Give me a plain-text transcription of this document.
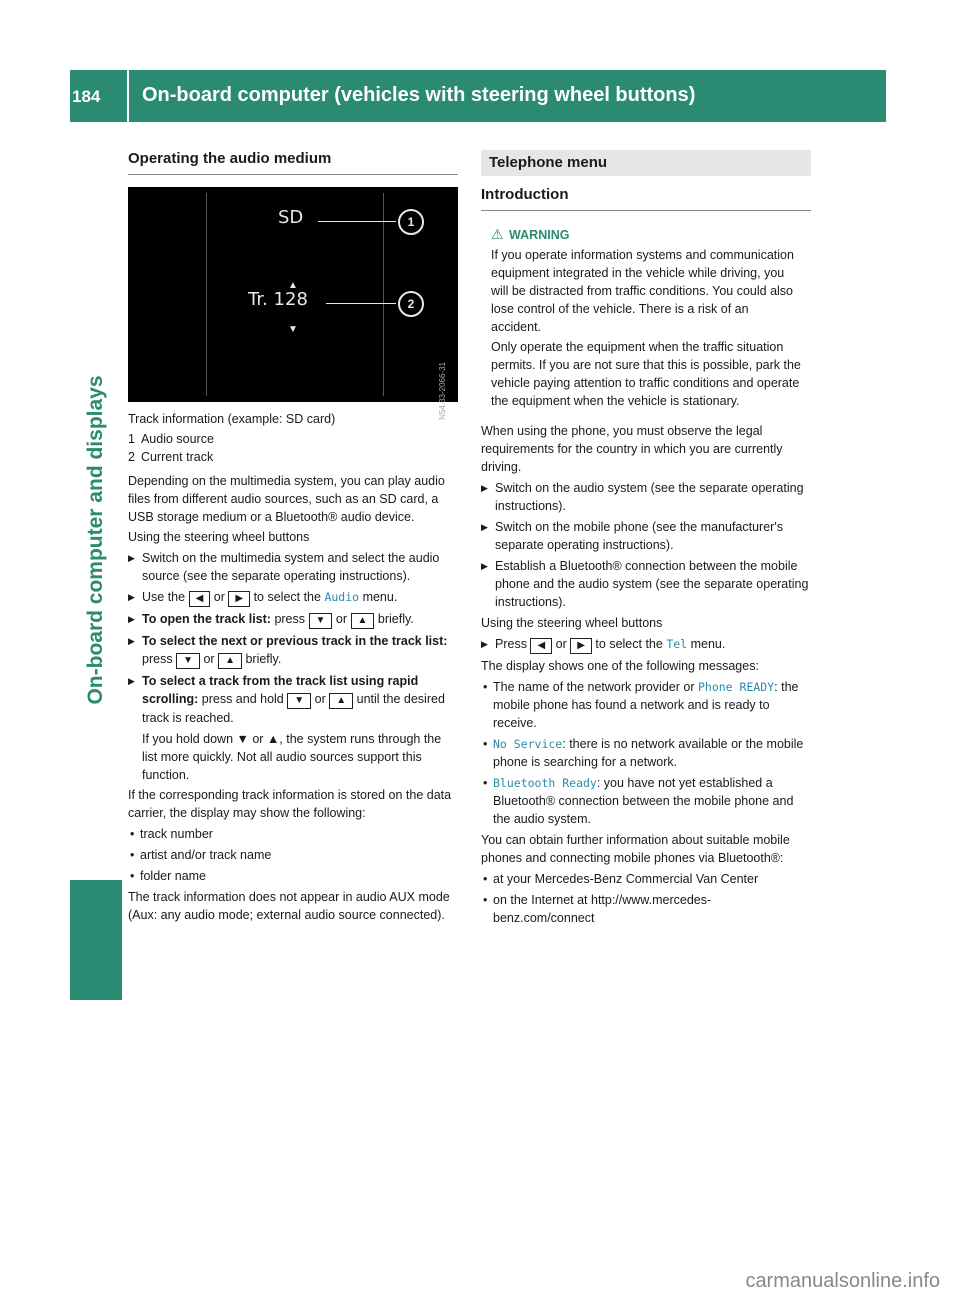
184	On-board computer (vehicles with steering wheel buttons)
On-board computer and displays
Operating the audio medium
SD	1
▲
Tr. 128	2
▼
N54.33-2066-31

Track information (example: SD card)

1 Audio source
2 Current track

Depending on the multimedia system, you can play audio files from different audio sources, such as an SD card, a USB storage medium or a Bluetooth® audio device.

Using the steering wheel buttons

▶ Switch on the multimedia system and select the audio source (see the separate operating instructions).
▶ Use the ◀ or ▶ to select the Audio menu.
▶ To open the track list: press ▼ or ▲ briefly.
▶ To select the next or previous track in the track list: press ▼ or ▲ briefly.
▶ To select a track from the track list using rapid scrolling: press and hold ▼ or ▲ until the desired track is reached.

If you hold down ▼ or ▲, the system runs through the list more quickly. Not all audio sources support this function.

If the corresponding track information is stored on the data carrier, the display may show the following:

• track number
• artist and/or track name
• folder name

The track information does not appear in audio AUX mode (Aux: any audio mode; external audio source connected).

Telephone menu
Introduction
⚠ WARNING

If you operate information systems and communication equipment integrated in the vehicle while driving, you will be distracted from traffic conditions. You could also lose control of the vehicle. There is a risk of an accident.

Only operate the equipment when the traffic situation permits. If you are not sure that this is possible, park the vehicle paying attention to traffic conditions and operate the equipment when the vehicle is stationary.

When using the phone, you must observe the legal requirements for the country in which you are currently driving.

▶ Switch on the audio system (see the separate operating instructions).
▶ Switch on the mobile phone (see the manufacturer's separate operating instructions).
▶ Establish a Bluetooth® connection between the mobile phone and the audio system (see the separate operating instructions).

Using the steering wheel buttons

▶ Press ◀ or ▶ to select the Tel menu.

The display shows one of the following messages:

• The name of the network provider or Phone READY: the mobile phone has found a network and is ready to receive.
• No Service: there is no network available or the mobile phone is searching for a network.
• Bluetooth Ready: you have not yet established a Bluetooth® connection between the mobile phone and the audio system.

You can obtain further information about suitable mobile phones and connecting mobile phones via Bluetooth®:

• at your Mercedes-Benz Commercial Van Center
• on the Internet at http://www.mercedes-benz.com/connect
carmanualsonline.info
